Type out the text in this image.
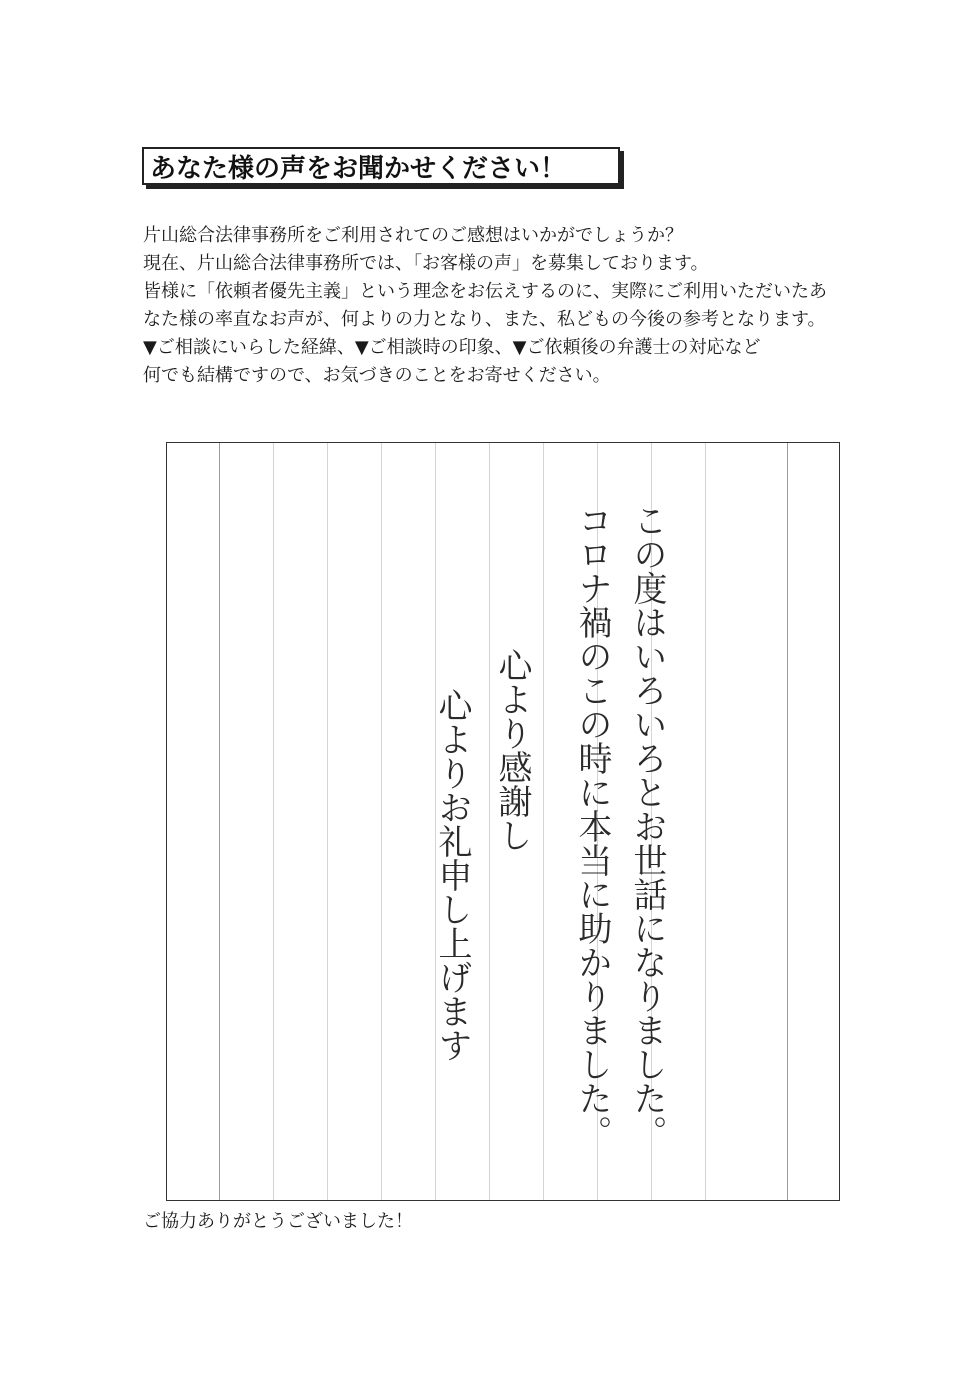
あなた様の声をお聞かせください！

片山総合法律事務所をご利用されてのご感想はいかがでしょうか？

現在、片山総合法律事務所では、「お客様の声」を募集しております。

皆様に「依頼者優先主義」という理念をお伝えするのに、実際にご利用いただいたあなた様の率直なお声が、何よりの力となり、また、私どもの今後の参考となります。

▼ご相談にいらした経緯、▼ご相談時の印象、▼ご依頼後の弁護士の対応など

何でも結構ですので、お気づきのことをお寄せください。

この度はいろいろとお世話になりました。
コロナ禍のこの時に本当に助かりました。
心より感謝し
心よりお礼申し上げます
ご協力ありがとうございました！
